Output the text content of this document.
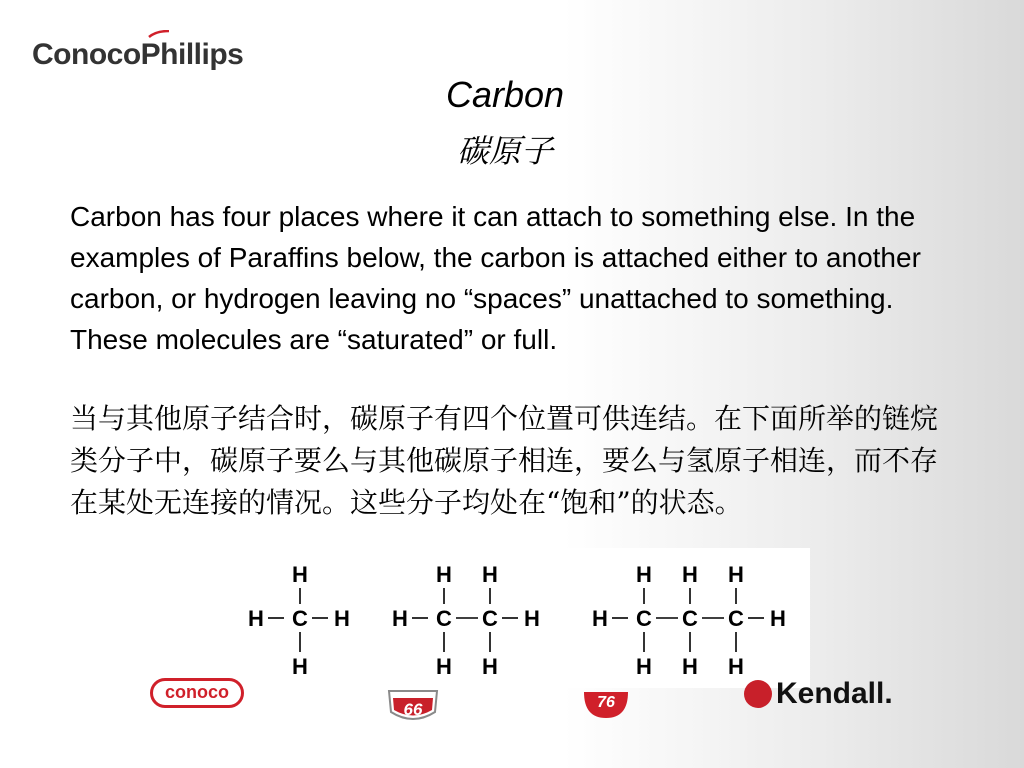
ConocoPhillips
Carbon
碳原子
Carbon has four places where it can attach to something else. In the examples of Paraffins below, the carbon is attached either to another carbon, or hydrogen leaving no “spaces” unattached to something. These molecules are “saturated” or full.
当与其他原子结合时，碳原子有四个位置可供连结。在下面所举的链烷类分子中，碳原子要么与其他碳原子相连，要么与氢原子相连，而不存在某处无连接的情况。这些分子均处在“饱和”的状态。
H C
H
H
H H C
H
H
C
H
H
H H C
H
H
C
H
H
C
H
H
H
conoco
66	76	Kendall.
